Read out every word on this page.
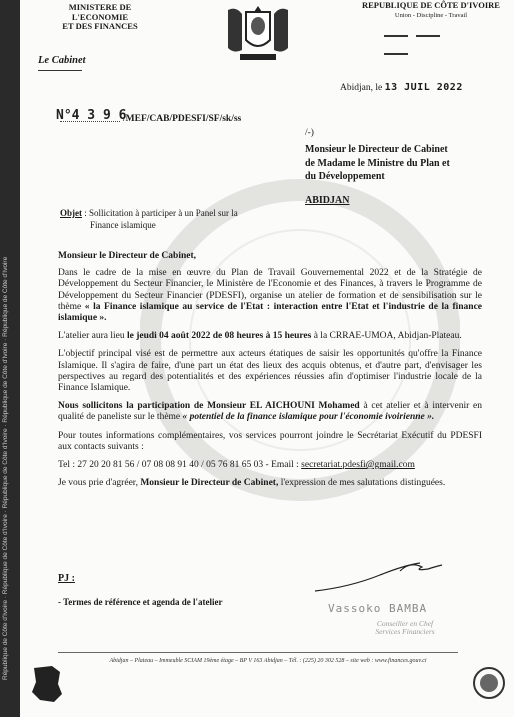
République de Côte d'Ivoire · République de Côte d'Ivoire · République de Côte d'Ivoire · République de Côte d'Ivoire · République de Côte d'Ivoire
MINISTERE DE L'ECONOMIE
ET DES FINANCES
REPUBLIQUE DE CÔTE D'IVOIRE
Union - Discipline - Travail
Le Cabinet
Abidjan, le 13 JUIL 2022
N°4 3 9 6
/MEF/CAB/PDESFI/SF/sk/ss
/-)
Monsieur le Directeur de Cabinet
de Madame le Ministre du Plan et
du Développement
ABIDJAN
Objet : Sollicitation à participer à un Panel sur la
Finance islamique

Monsieur le Directeur de Cabinet,

Dans le cadre de la mise en œuvre du Plan de Travail Gouvernemental 2022 et de la Stratégie de Développement du Secteur Financier, le Ministère de l'Economie et des Finances, à travers le Programme de Développement du Secteur Financier (PDESFI), organise un atelier de formation et de sensibilisation sur le thème « la Finance islamique au service de l'Etat : interaction entre l'Etat et l'industrie de la finance islamique ».

L'atelier aura lieu le jeudi 04 août 2022 de 08 heures à 15 heures à la CRRAE-UMOA, Abidjan-Plateau.

L'objectif principal visé est de permettre aux acteurs étatiques de saisir les opportunités qu'offre la Finance Islamique. Il s'agira de faire, d'une part un état des lieux des acquis obtenus, et d'autre part, d'envisager les perspectives au regard des potentialités et des expériences réussies afin d'optimiser l'industrie locale de la Finance Islamique.

Nous sollicitons la participation de Monsieur EL AICHOUNI Mohamed à cet atelier et à intervenir en qualité de paneliste sur le thème « potentiel de la finance islamique pour l'économie ivoirienne ».

Pour toutes informations complémentaires, vos services pourront joindre le Secrétariat Exécutif du PDESFI aux contacts suivants :

Tel : 27 20 20 81 56 / 07 08 08 91 40 / 05 76 81 65 03 - Email : secretariat.pdesfi@gmail.com

Je vous prie d'agréer, Monsieur le Directeur de Cabinet, l'expression de mes salutations distinguées.

PJ :
- Termes de référence et agenda de l'atelier	Vassoko BAMBA
Conseiller en Chef
Services Financiers
Abidjan – Plateau – Immeuble SCIAM 19ème étage – BP V 163 Abidjan – Tél. : (225) 20 302 528 – site web : www.finances.gouv.ci
